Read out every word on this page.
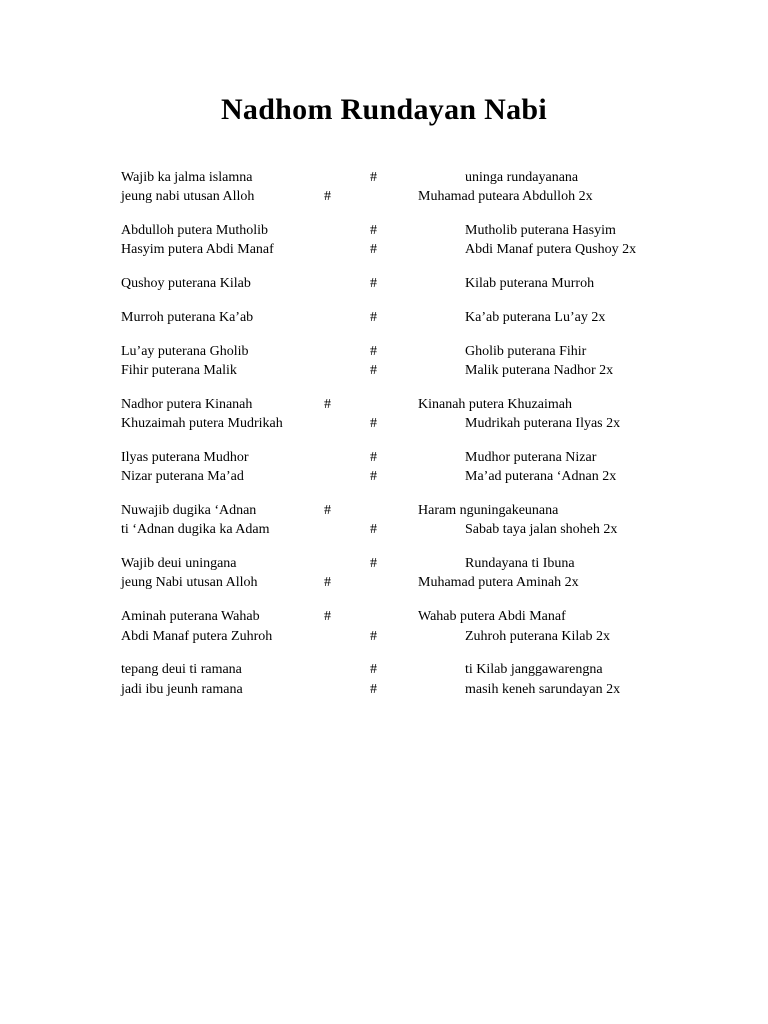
Nadhom Rundayan Nabi
Wajib ka jalma islamna	#	uninga rundayanana
jeung nabi utusan Alloh	#	Muhamad puteara Abdulloh 2x
Abdulloh putera Mutholib	#	Mutholib puterana Hasyim
Hasyim putera Abdi Manaf	#	Abdi Manaf putera Qushoy 2x
Qushoy puterana Kilab	#	Kilab puterana Murroh
Murroh puterana Ka’ab	#	Ka’ab puterana Lu’ay 2x
Lu’ay puterana Gholib	#	Gholib puterana Fihir
Fihir puterana Malik	#	Malik puterana Nadhor 2x
Nadhor putera Kinanah	#	Kinanah putera Khuzaimah
Khuzaimah putera Mudrikah	#	Mudrikah puterana Ilyas 2x
Ilyas puterana Mudhor	#	Mudhor puterana Nizar
Nizar puterana Ma’ad	#	Ma’ad puterana ‘Adnan 2x
Nuwajib dugika ‘Adnan	#	Haram nguningakeunana
ti ‘Adnan dugika ka Adam	#	Sabab taya jalan shoheh 2x
Wajib deui uningana	#	Rundayana ti Ibuna
jeung Nabi utusan Alloh	#	Muhamad putera Aminah 2x
Aminah puterana Wahab	#	Wahab putera Abdi Manaf
Abdi Manaf putera Zuhroh	#	Zuhroh puterana Kilab 2x
tepang deui ti ramana	#	ti Kilab janggawarengna
jadi ibu jeunh ramana	#	masih keneh sarundayan 2x
